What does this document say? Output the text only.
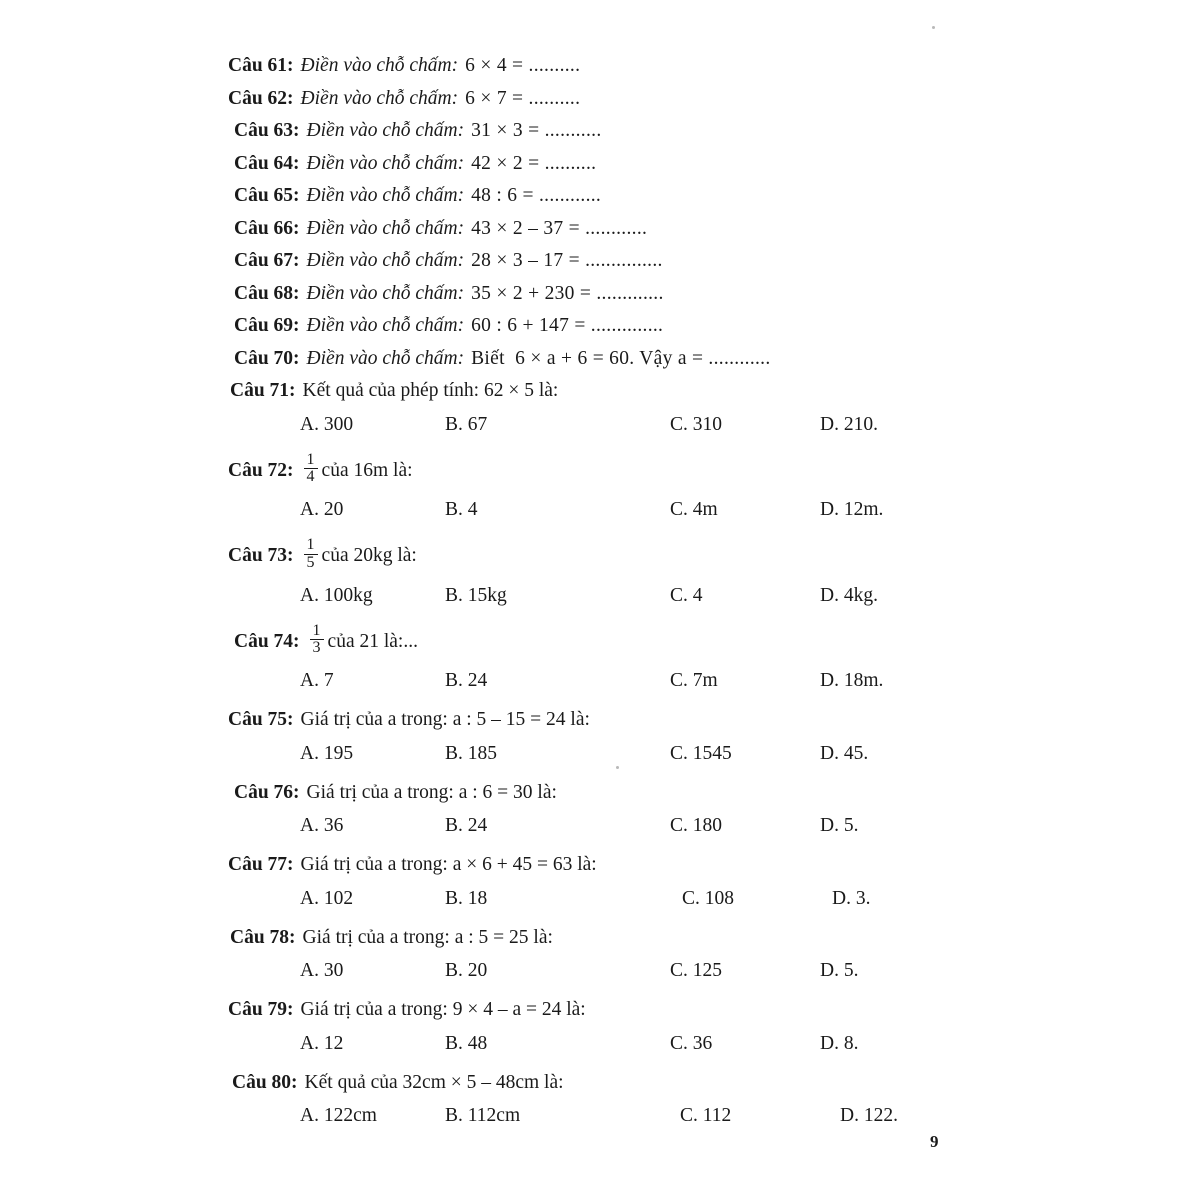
Câu 61: Điền vào chỗ chấm: 6 × 4 = ..........
Câu 62: Điền vào chỗ chấm: 6 × 7 = ..........
Câu 63: Điền vào chỗ chấm: 31 × 3 = ...........
Câu 64: Điền vào chỗ chấm: 42 × 2 = ..........
Câu 65: Điền vào chỗ chấm: 48 : 6 = ............
Câu 66: Điền vào chỗ chấm: 43 × 2 – 37 = ............
Câu 67: Điền vào chỗ chấm: 28 × 3 – 17 = ...............
Câu 68: Điền vào chỗ chấm: 35 × 2 + 230 = .............
Câu 69: Điền vào chỗ chấm: 60 : 6 + 147 = ..............
Câu 70: Điền vào chỗ chấm: Biết  6 × a + 6 = 60. Vậy a = ............
Câu 71: Kết quả của phép tính: 62 × 5 là:
A. 300	B. 67	C. 310	D. 210.
Câu 72: $\frac{1}{4}$ của 16m là:
A. 20	B. 4	C. 4m	D. 12m.
Câu 73: $\frac{1}{5}$ của 20kg là:
A. 100kg	B. 15kg	C. 4	D. 4kg.
Câu 74: $\frac{1}{3}$ của 21 là:...
A. 7	B. 24	C. 7m	D. 18m.
Câu 75: Giá trị của a trong: a : 5 – 15 = 24 là:
A. 195	B. 185	C. 1545	D. 45.
Câu 76: Giá trị của a trong: a : 6 = 30 là:
A. 36	B. 24	C. 180	D. 5.
Câu 77: Giá trị của a trong: a × 6 + 45 = 63 là:
A. 102	B. 18	C. 108	D. 3.
Câu 78: Giá trị của a trong: a : 5 = 25 là:
A. 30	B. 20	C. 125	D. 5.
Câu 79: Giá trị của a trong: 9 × 4 – a = 24 là:
A. 12	B. 48	C. 36	D. 8.
Câu 80: Kết quả của 32cm × 5 – 48cm là:
A. 122cm	B. 112cm	C. 112	D. 122.
9
